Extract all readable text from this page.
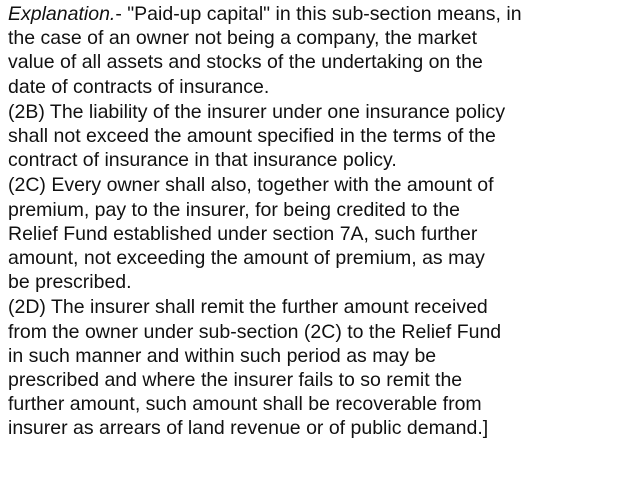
Explanation.- "Paid-up capital" in this sub-section means, in
the case of an owner not being a company, the market
value of all assets and stocks of the undertaking on the
date of contracts of insurance.

(2B) The liability of the insurer under one insurance policy
shall not exceed the amount specified in the terms of the
contract of insurance in that insurance policy.

(2C) Every owner shall also, together with the amount of
premium, pay to the insurer, for being credited to the
Relief Fund established under section 7A, such further
amount, not exceeding the amount of premium, as may
be prescribed.

(2D) The insurer shall remit the further amount received
from the owner under sub-section (2C) to the Relief Fund
in such manner and within such period as may be
prescribed and where the insurer fails to so remit the
further amount, such amount shall be recoverable from
insurer as arrears of land revenue or of public demand.]
